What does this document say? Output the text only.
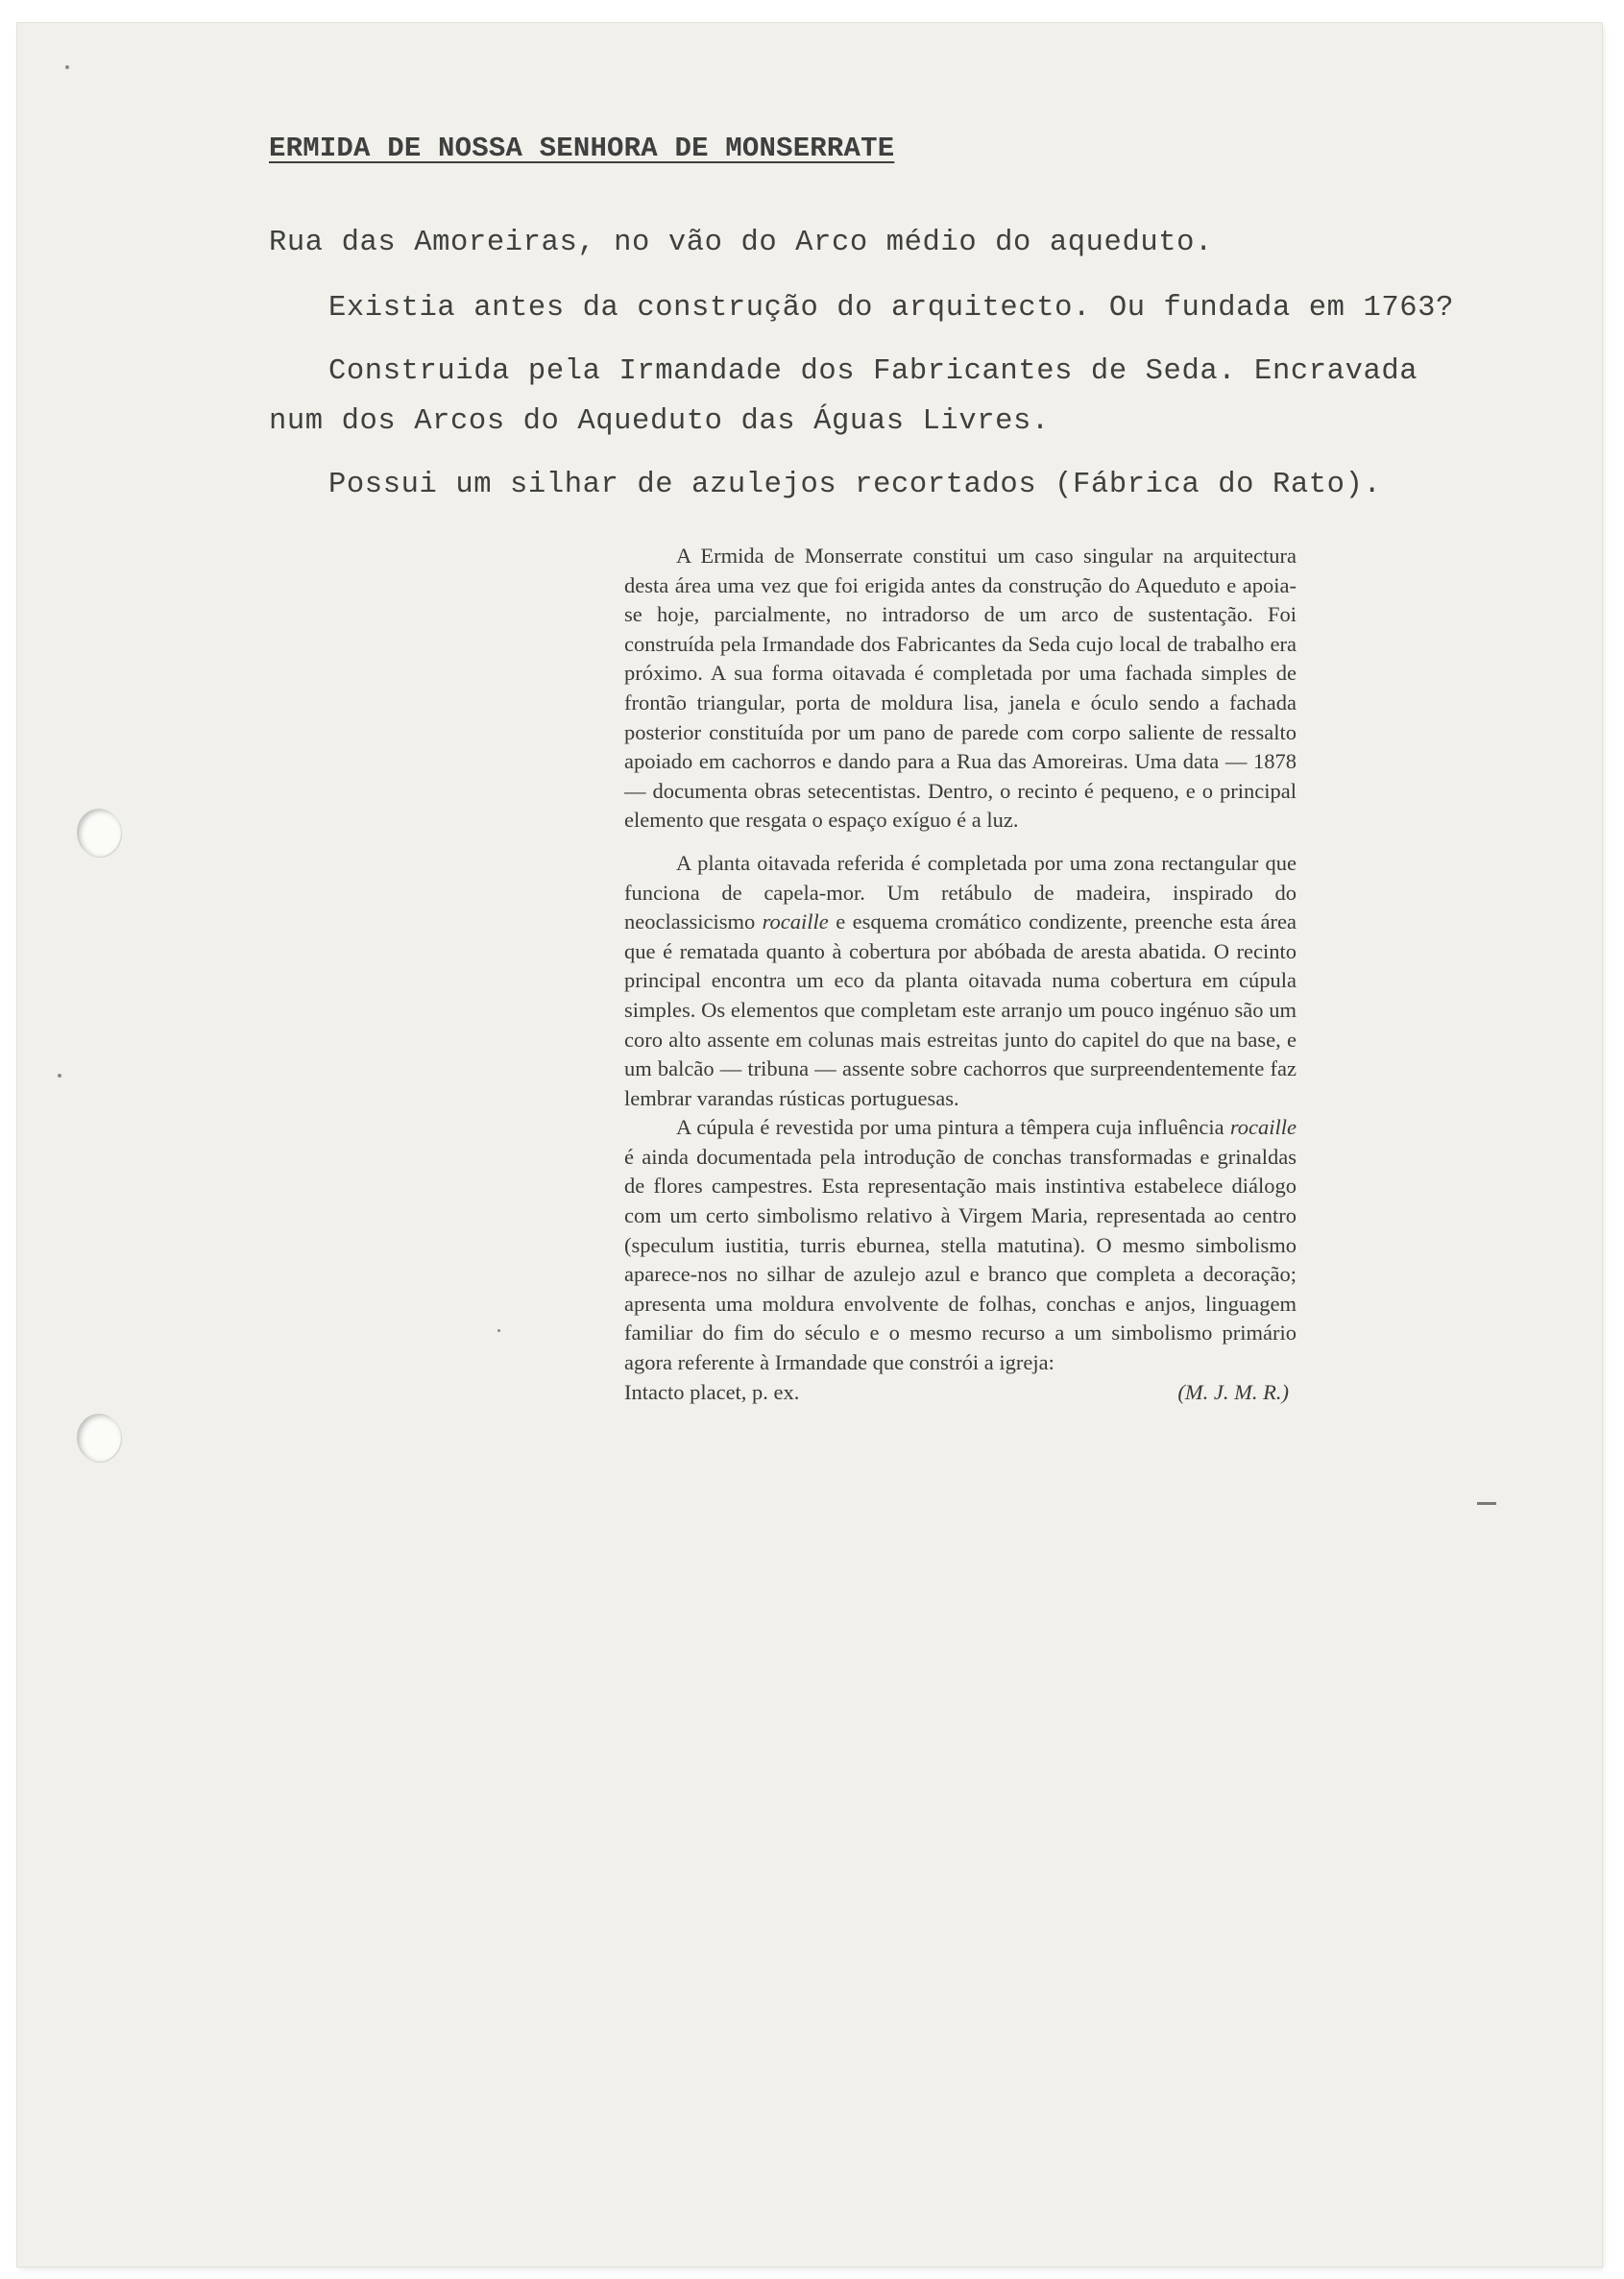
ERMIDA DE NOSSA SENHORA DE MONSERRATE

Rua das Amoreiras, no vão do Arco médio do aqueduto.

Existia antes da construção do arquitecto. Ou fundada em 1763?

Construida pela Irmandade dos Fabricantes de Seda. Encravada

num dos Arcos do Aqueduto das Águas Livres.

Possui um silhar de azulejos recortados (Fábrica do Rato).

A Ermida de Monserrate constitui um caso singular na arquitectura desta área uma vez que foi erigida antes da construção do Aqueduto e apoia-se hoje, parcialmente, no intradorso de um arco de sustentação. Foi construída pela Irmandade dos Fabricantes da Seda cujo local de trabalho era próximo. A sua forma oitavada é completada por uma fachada simples de frontão triangular, porta de moldura lisa, janela e óculo sendo a fachada posterior constituída por um pano de parede com corpo saliente de ressalto apoiado em cachorros e dando para a Rua das Amoreiras. Uma data — 1878 — documenta obras setecentistas. Dentro, o recinto é pequeno, e o principal elemento que resgata o espaço exíguo é a luz.

A planta oitavada referida é completada por uma zona rectangular que funciona de capela-mor. Um retábulo de madeira, inspirado do neoclassicismo rocaille e esquema cromático condizente, preenche esta área que é rematada quanto à cobertura por abóbada de aresta abatida. O recinto principal encontra um eco da planta oitavada numa cobertura em cúpula simples. Os elementos que completam este arranjo um pouco ingénuo são um coro alto assente em colunas mais estreitas junto do capitel do que na base, e um balcão — tribuna — assente sobre cachorros que surpreendentemente faz lembrar varandas rústicas portuguesas.

A cúpula é revestida por uma pintura a têmpera cuja influência rocaille é ainda documentada pela introdução de conchas transformadas e grinaldas de flores campestres. Esta representação mais instintiva estabelece diálogo com um certo simbolismo relativo à Virgem Maria, representada ao centro (speculum iustitia, turris eburnea, stella matutina). O mesmo simbolismo aparece-nos no silhar de azulejo azul e branco que completa a decoração; apresenta uma moldura envolvente de folhas, conchas e anjos, linguagem familiar do fim do século e o mesmo recurso a um simbolismo primário agora referente à Irmandade que constrói a igreja:

Intacto placet, p. ex.	(M. J. M. R.)
